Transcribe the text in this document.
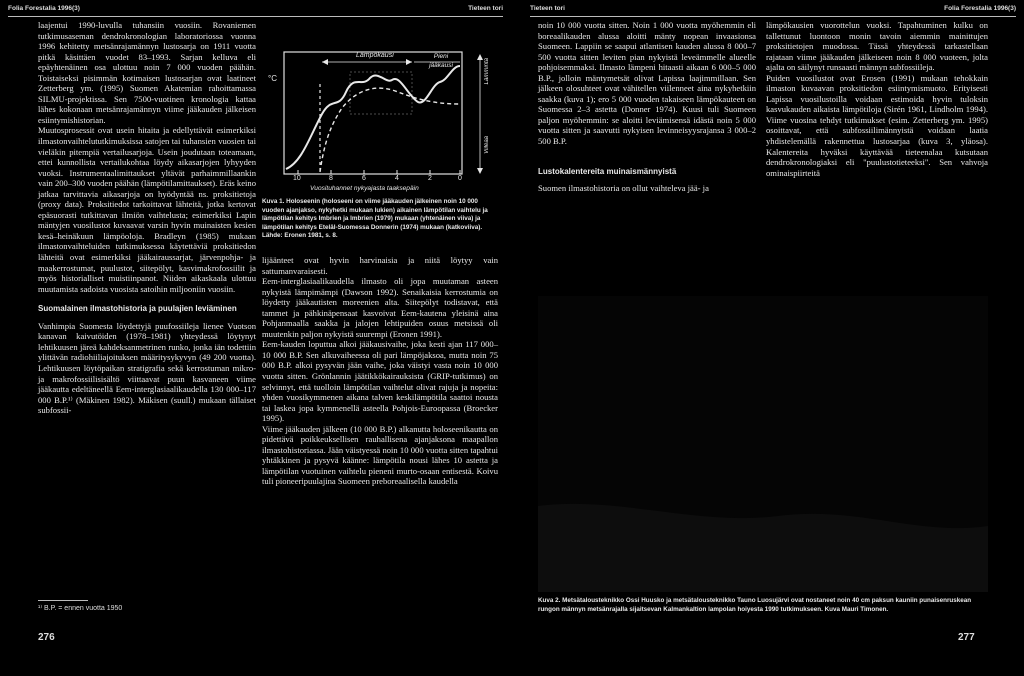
Folia Forestalia 1996(3)	Tieteen tori	Tieteen tori	Folia Forestalia 1996(3)

laajentui 1990-luvulla tuhansiin vuosiin. Rovaniemen tutkimusaseman dendrokronologian laboratoriossa vuonna 1996 kehitetty metsänrajamännyn lustosarja on 1911 vuotta pitkä käsittäen vuodet 83–1993. Sarjan kelluva eli epäyhtenäinen osa ulottuu noin 7 000 vuoden päähän. Toistaiseksi pisimmän kotimaisen lustosarjan ovat laatineet Zetterberg ym. (1995) Suomen Akatemian rahoittamassa SILMU-projektissa. Sen 7500-vuotinen kronologia kattaa lähes kokonaan metsänrajamännyn viime jääkauden jälkeisen esiintymishistorian.

Muutosprosessit ovat usein hitaita ja edellyttävät esimerkiksi ilmastonvaihtelututkimuksissa satojen tai tuhansien vuosien tai vieläkin pitempiä vertailusarjoja. Usein joudutaan toteamaan, ettei kunnollista vertailukohtaa löydy aikasarjojen lyhyyden vuoksi. Instrumentaalimittaukset yltävät parhaimmillaankin vain 200–300 vuoden päähän (lämpötilamittaukset). Eräs keino jatkaa tarvittavia aikasarjoja on hyödyntää ns. proksitietoja (proxy data). Proksitiedot tarkoittavat lähteitä, jotka kertovat epäsuorasti tutkittavan ilmiön vaihtelusta; esimerkiksi Lapin mäntyjen vuosilustot kuvaavat varsin hyvin muinaisten kesien kesä–heinäkuun lämpöoloja. Bradleyn (1985) mukaan ilmastonvaihteluiden tutkimuksessa käytettäviä proksitiedon lähteitä ovat esimerkiksi jääkairaussarjat, järvenpohja- ja maakerrostumat, puulustot, siitepölyt, kasvimakrofossiilit ja myös historialliset muistiinpanot. Niiden aikaskaala ulottuu muutamista sadoista vuosista satoihin miljooniin vuosiin.

Suomalainen ilmastohistoria ja puulajien leviäminen

Vanhimpia Suomesta löydettyjä puufossiileja lienee Vuotson kanavan kaivutöiden (1978–1981) yhteydessä löytynyt lehtikuusen järeä kahdeksanmetrinen runko, jonka iän todettiin ylittävän radiohiiliajoituksen määritysykyvyn (49 200 vuotta). Lehtikuusen löytöpaikan stratigrafia sekä kerrostuman mikro- ja makrofossiilisisältö viittaavat puun kasvaneen viime jääkautta edeltäneellä Eem-interglasiaalikaudella 130 000–117 000 B.P.¹⁾ (Mäkinen 1982). Mäkisen (suull.) mukaan tällaiset subfossii-

¹⁾ B.P. = ennen vuotta 1950
276
Lämpökausi	Pieni jääkausi
°C	Lämmintä
Viileää
10	8	6	4	2	0
Vuosituhannet nykyajasta taaksepäin
Kuva 1. Holoseenin (holoseeni on viime jääkauden jälkeinen noin 10 000 vuoden ajanjakso, nykyhetki mukaan lukien) aikainen lämpötilan vaihtelu ja lämpötilan kehitys Imbrien ja Imbrien (1979) mukaan (yhtenäinen viiva) ja lämpötilan kehitys Eteläl-Suomessa Donnerin (1974) mukaan (katkoviiva). Lähde: Eronen 1981, s. 8.

lijäänteet ovat hyvin harvinaisia ja niitä löytyy vain sattumanvaraisesti.

Eem-interglasiaalikaudella ilmasto oli jopa muutaman asteen nykyistä lämpimämpi (Dawson 1992). Senaikaisia kerrostumia on löydetty jääkautisten moreenien alta. Siitepölyt todistavat, että tammet ja pähkinäpensaat kasvoivat Eem-kautena yleisinä aina Pohjanmaalla saakka ja jalojen lehtipuiden osuus metsissä oli muutenkin paljon nykyistä suurempi (Eronen 1991).

Eem-kauden loputtua alkoi jääkausivaihe, joka kesti ajan 117 000–10 000 B.P. Sen alkuvaiheessa oli pari lämpöjaksoa, mutta noin 75 000 B.P. alkoi pysyvän jään vaihe, joka väistyi vasta noin 10 000 vuotta sitten. Grönlannin jäätikkökairauksista (GRIP-tutkimus) on selvinnyt, että tuolloin lämpötilan vaihtelut olivat rajuja ja nopeita: yhden vuosikymmenen aikana talven keskilämpötila saattoi nousta tai laskea jopa kymmenellä asteella Pohjois-Euroopassa (Broecker 1995).

Viime jääkauden jälkeen (10 000 B.P.) alkanutta holoseenikautta on pidettävä poikkeuksellisen rauhallisena ajanjaksona maapallon ilmastohistoriassa. Jään väistyessä noin 10 000 vuotta sitten tapahtui yhtäkkinen ja pysyvä käänne: lämpötila nousi lähes 10 astetta ja lämpötilan vuotuinen vaihtelu pieneni murto-osaan entisestä. Koivu tuli pioneeripuulajina Suomeen preboreaalisella kaudella

noin 10 000 vuotta sitten. Noin 1 000 vuotta myöhemmin eli boreaalikauden alussa aloitti mänty nopean invaasionsa Suomeen. Lappiin se saapui atlantisen kauden alussa 8 000–7 500 vuotta sitten leviten pian nykyistä leveämmelle alueelle pohjoisemmaksi. Ilmasto lämpeni hitaasti aikaan 6 000–5 000 B.P., jolloin mäntymetsät olivat Lapissa laajimmillaan. Sen jälkeen olosuhteet ovat vähitellen viilenneet aina nykyhetkiin saakka (kuva 1); ero 5 000 vuoden takaiseen lämpökauteen on Suomessa 2–3 astetta (Donner 1974). Kuusi tuli Suomeen paljon myöhemmin: se aloitti leviämisensä idästä noin 5 000 vuotta sitten ja saavutti nykyisen levinneisyysrajansa 3 000–2 500 B.P.

Lustokalentereita muinaismännyistä

Suomen ilmastohistoria on ollut vaihteleva jää- ja

lämpökausien vuorottelun vuoksi. Tapahtuminen kulku on tallettunut luontoon monin tavoin aiemmin mainittujen proksitietojen muodossa. Tässä yhteydessä tarkastellaan rajataan viime jääkauden jälkeiseen noin 8 000 vuoteen, jolta ajalta on säilynyt runsaasti männyn subfossiileja.

Puiden vuosilustot ovat Erosen (1991) mukaan tehokkain ilmaston kuvaavan proksitiedon esiintymismuoto. Erityisesti Lapissa vuosilustoilla voidaan estimoida hyvin tuloksin kasvukauden aikaista lämpötiloja (Sirén 1961, Lindholm 1994). Viime vuosina tehdyt tutkimukset (esim. Zetterberg ym. 1995) osoittavat, että subfossiilimännyistä voidaan laatia yhdistelemällä rakennettua lustosarjaa (kuva 3, yläosa). Kalentereita hyväksi käyttävää tieteenalaa kutsutaan dendrokronologiaksi eli "puulustotieteeksi". Sen vahvoja ominaispiirteitä

Kuva 2. Metsätalousteknikko Ossi Huusko ja metsätalousteknikko Tauno Luosujärvi ovat nostaneet noin 40 cm paksun kauniin punaisenruskean rungon männyn metsänrajalla sijaitsevan Kalmankaltion lampolan hoiyesta 1990 tutkimukseen. Kuva Mauri Timonen.
277
